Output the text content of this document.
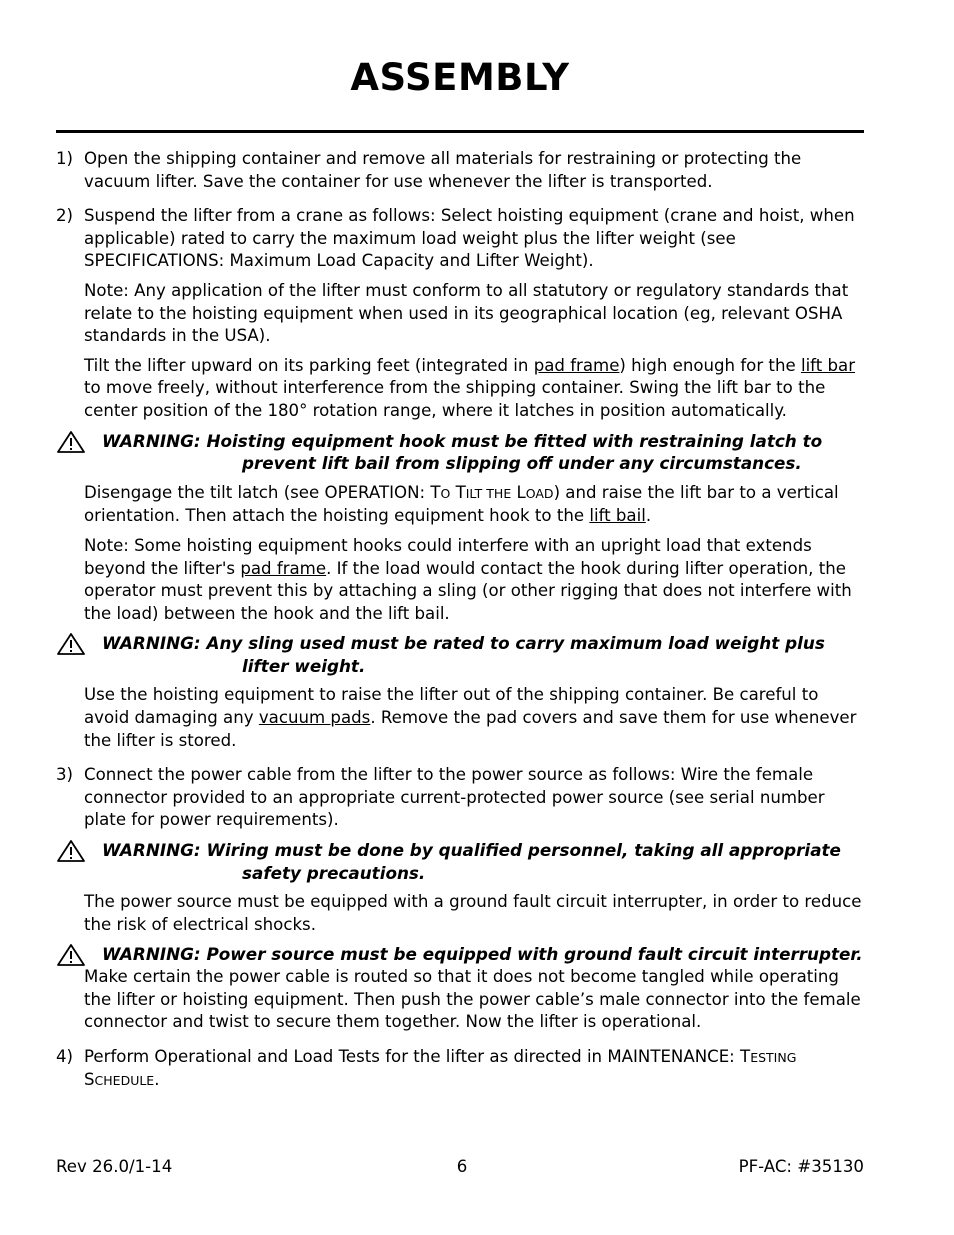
ASSEMBLY
1) Open the shipping container and remove all materials for restraining or protecting the vacuum lifter. Save the container for use whenever the lifter is transported.

2) Suspend the lifter from a crane as follows: Select hoisting equipment (crane and hoist, when applicable) rated to carry the maximum load weight plus the lifter weight (see SPECIFICATIONS: Maximum Load Capacity and Lifter Weight).

Note: Any application of the lifter must conform to all statutory or regulatory standards that relate to the hoisting equipment when used in its geographical location (eg, relevant OSHA standards in the USA).

Tilt the lifter upward on its parking feet (integrated in pad frame) high enough for the lift bar to move freely, without interference from the shipping container. Swing the lift bar to the center position of the 180° rotation range, where it latches in position automatically.

WARNING: Hoisting equipment hook must be fitted with restraining latch to
prevent lift bail from slipping off under any circumstances.

Disengage the tilt latch (see OPERATION: TO TILT THE LOAD) and raise the lift bar to a vertical orientation. Then attach the hoisting equipment hook to the lift bail.

Note: Some hoisting equipment hooks could interfere with an upright load that extends beyond the lifter's pad frame. If the load would contact the hook during lifter operation, the operator must prevent this by attaching a sling (or other rigging that does not interfere with the load) between the hook and the lift bail.

WARNING: Any sling used must be rated to carry maximum load weight plus
lifter weight.

Use the hoisting equipment to raise the lifter out of the shipping container. Be careful to avoid damaging any vacuum pads. Remove the pad covers and save them for use whenever the lifter is stored.

3) Connect the power cable from the lifter to the power source as follows: Wire the female connector provided to an appropriate current-protected power source (see serial number plate for power requirements).

WARNING: Wiring must be done by qualified personnel, taking all appropriate
safety precautions.

The power source must be equipped with a ground fault circuit interrupter, in order to reduce the risk of electrical shocks.

WARNING: Power source must be equipped with ground fault circuit interrupter.

Make certain the power cable is routed so that it does not become tangled while operating the lifter or hoisting equipment. Then push the power cable’s male connector into the female connector and twist to secure them together. Now the lifter is operational.

4) Perform Operational and Load Tests for the lifter as directed in MAINTENANCE: TESTING SCHEDULE.

Rev 26.0/1-14	6	PF-AC: #35130
